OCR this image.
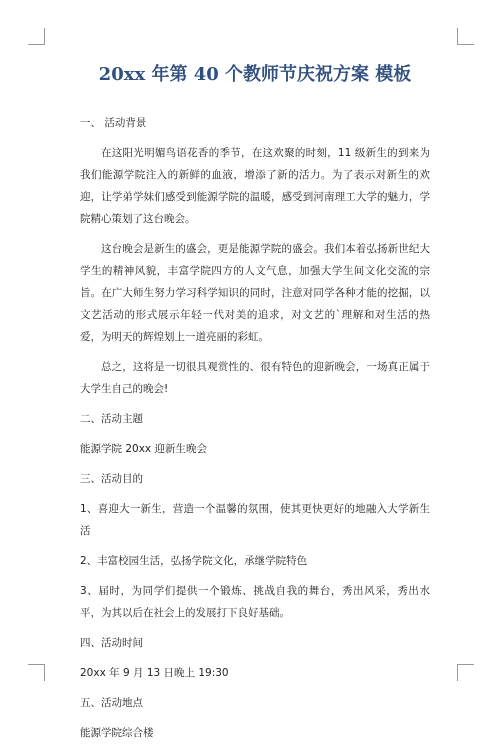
20xx 年第 40 个教师节庆祝方案 模板

一、 活动背景

在这阳光明媚鸟语花香的季节，在这欢聚的时刻，11 级新生的到来为我们能源学院注入的新鲜的血液，增添了新的活力。为了表示对新生的欢迎，让学弟学妹们感受到能源学院的温暖，感受到河南理工大学的魅力，学院精心策划了这台晚会。

这台晚会是新生的盛会，更是能源学院的盛会。我们本着弘扬新世纪大学生的精神风貌，丰富学院四方的人文气息，加强大学生间文化交流的宗旨。在广大师生努力学习科学知识的同时，注意对同学各种才能的挖掘，以文艺活动的形式展示年轻一代对美的追求，对文艺的`理解和对生活的热爱，为明天的辉煌划上一道亮丽的彩虹。

总之，这将是一切很具观赏性的、很有特色的迎新晚会，一场真正属于大学生自己的晚会!

二、活动主题

能源学院 20xx 迎新生晚会

三、活动目的

1、喜迎大一新生，营造一个温馨的氛围，使其更快更好的地融入大学新生活

2、丰富校园生活，弘扬学院文化，承继学院特色

3、届时，为同学们提供一个锻炼、挑战自我的舞台，秀出风采，秀出水平，为其以后在社会上的发展打下良好基础。

四、活动时间

20xx 年 9 月 13 日晚上 19:30

五、活动地点

能源学院综合楼
